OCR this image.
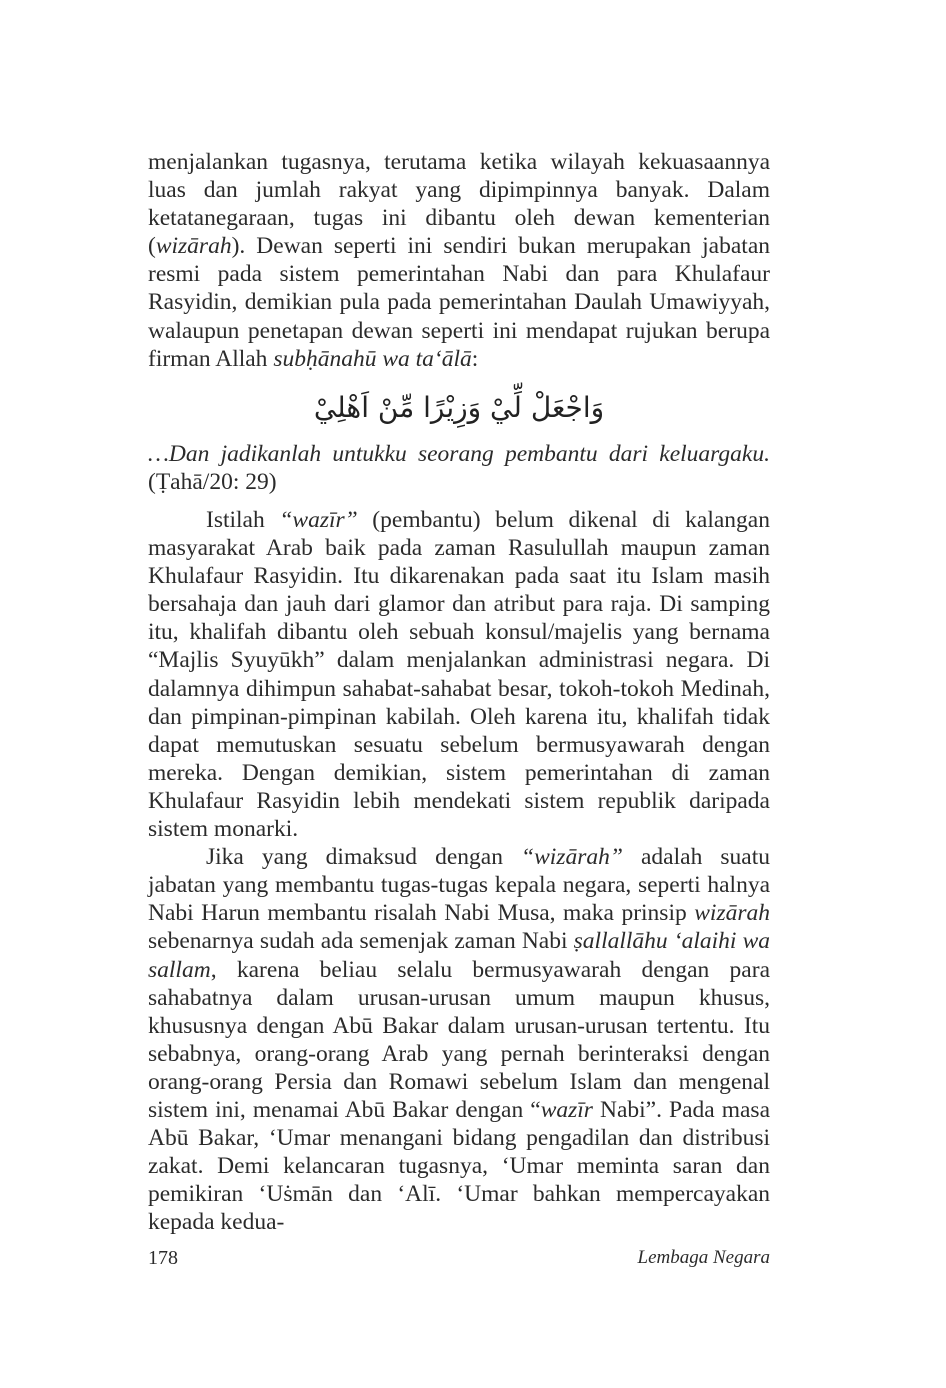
menjalankan tugasnya, terutama ketika wilayah kekuasaannya luas dan jumlah rakyat yang dipimpinnya banyak. Dalam ketatanegaraan, tugas ini dibantu oleh dewan kementerian (wizārah). Dewan seperti ini sendiri bukan merupakan jabatan resmi pada sistem pemerintahan Nabi dan para Khulafaur Rasyidin, demikian pula pada pemerintahan Daulah Umawiyyah, walaupun penetapan dewan seperti ini mendapat rujukan berupa firman Allah subḥānahū wa ta‘ālā:

وَاجْعَلْ لِّيْ وَزِيْرًا مِّنْ اَهْلِيْ
…Dan jadikanlah untukku seorang pembantu dari keluargaku. (Ṭahā/20: 29)

Istilah “wazīr” (pembantu) belum dikenal di kalangan masyarakat Arab baik pada zaman Rasulullah maupun zaman Khulafaur Rasyidin. Itu dikarenakan pada saat itu Islam masih bersahaja dan jauh dari glamor dan atribut para raja. Di samping itu, khalifah dibantu oleh sebuah konsul/majelis yang bernama “Majlis Syuyūkh” dalam menjalankan administrasi negara. Di dalamnya dihimpun sahabat-sahabat besar, tokoh-tokoh Medinah, dan pimpinan-pimpinan kabilah. Oleh karena itu, khalifah tidak dapat memutuskan sesuatu sebelum bermusyawarah dengan mereka. Dengan demikian, sistem pemerintahan di zaman Khulafaur Rasyidin lebih mendekati sistem republik daripada sistem monarki.

Jika yang dimaksud dengan “wizārah” adalah suatu jabatan yang membantu tugas-tugas kepala negara, seperti halnya Nabi Harun membantu risalah Nabi Musa, maka prinsip wizārah sebenarnya sudah ada semenjak zaman Nabi ṣallallāhu ‘alaihi wa sallam, karena beliau selalu bermusyawarah dengan para sahabatnya dalam urusan-urusan umum maupun khusus, khususnya dengan Abū Bakar dalam urusan-urusan tertentu. Itu sebabnya, orang-orang Arab yang pernah berinteraksi dengan orang-orang Persia dan Romawi sebelum Islam dan mengenal sistem ini, menamai Abū Bakar dengan “wazīr Nabi”. Pada masa Abū Bakar, ‘Umar menangani bidang pengadilan dan distribusi zakat. Demi kelancaran tugasnya, ‘Umar meminta saran dan pemikiran ‘Uṡmān dan ‘Alī. ‘Umar bahkan mempercayakan kepada kedua-

178	Lembaga Negara
